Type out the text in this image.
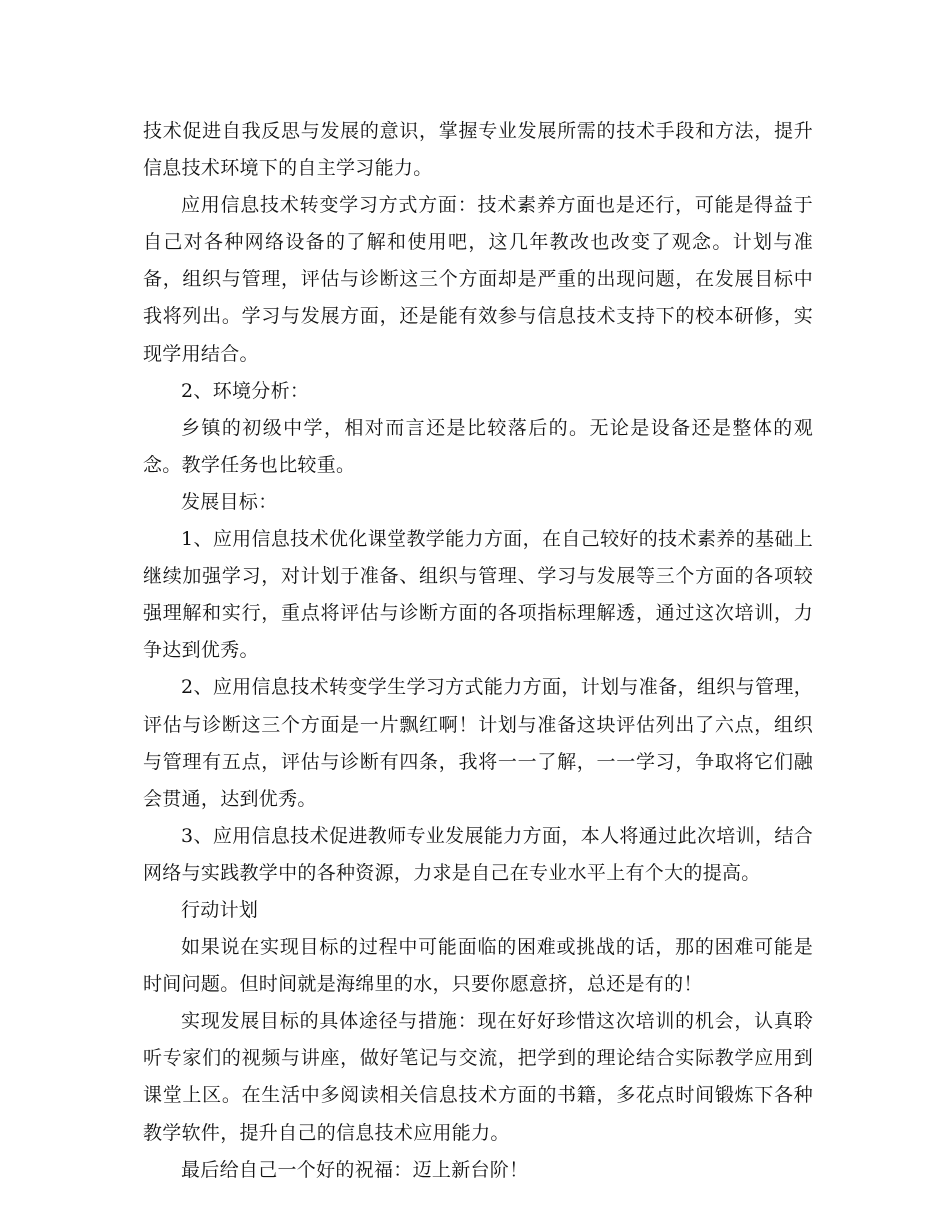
技术促进自我反思与发展的意识，掌握专业发展所需的技术手段和方法，提升信息技术环境下的自主学习能力。

应用信息技术转变学习方式方面：技术素养方面也是还行，可能是得益于自己对各种网络设备的了解和使用吧，这几年教改也改变了观念。计划与准备，组织与管理，评估与诊断这三个方面却是严重的出现问题，在发展目标中我将列出。学习与发展方面，还是能有效参与信息技术支持下的校本研修，实现学用结合。

2、环境分析：

乡镇的初级中学，相对而言还是比较落后的。无论是设备还是整体的观念。教学任务也比较重。

发展目标：

1、应用信息技术优化课堂教学能力方面，在自己较好的技术素养的基础上继续加强学习，对计划于准备、组织与管理、学习与发展等三个方面的各项较强理解和实行，重点将评估与诊断方面的各项指标理解透，通过这次培训，力争达到优秀。

2、应用信息技术转变学生学习方式能力方面，计划与准备，组织与管理，评估与诊断这三个方面是一片飘红啊！计划与准备这块评估列出了六点，组织与管理有五点，评估与诊断有四条，我将一一了解，一一学习，争取将它们融会贯通，达到优秀。

3、应用信息技术促进教师专业发展能力方面，本人将通过此次培训，结合网络与实践教学中的各种资源，力求是自己在专业水平上有个大的提高。

行动计划

如果说在实现目标的过程中可能面临的困难或挑战的话，那的困难可能是时间问题。但时间就是海绵里的水，只要你愿意挤，总还是有的！

实现发展目标的具体途径与措施：现在好好珍惜这次培训的机会，认真聆听专家们的视频与讲座，做好笔记与交流，把学到的理论结合实际教学应用到课堂上区。在生活中多阅读相关信息技术方面的书籍，多花点时间锻炼下各种教学软件，提升自己的信息技术应用能力。

最后给自己一个好的祝福：迈上新台阶！
